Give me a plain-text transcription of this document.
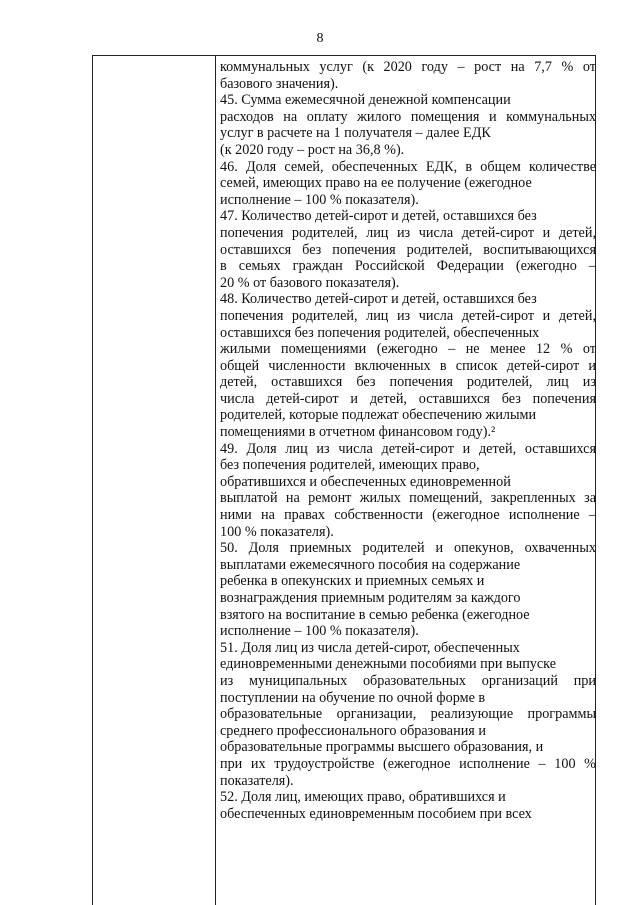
8
коммунальных услуг (к 2020 году – рост на 7,7 % от
базового значения).
45. Сумма ежемесячной денежной компенсации
расходов на оплату жилого помещения и коммунальных
услуг в расчете на 1 получателя – далее ЕДК
(к 2020 году – рост на 36,8 %).
46. Доля семей, обеспеченных ЕДК, в общем количестве
семей, имеющих право на ее получение (ежегодное
исполнение – 100 % показателя).
47. Количество детей-сирот и детей, оставшихся без
попечения родителей, лиц из числа детей-сирот и детей,
оставшихся без попечения родителей, воспитывающихся
в семьях граждан Российской Федерации (ежегодно –
20 % от базового показателя).
48. Количество детей-сирот и детей, оставшихся без
попечения родителей, лиц из числа детей-сирот и детей,
оставшихся без попечения родителей, обеспеченных
жилыми помещениями (ежегодно – не менее 12 % от
общей численности включенных в список детей-сирот и
детей, оставшихся без попечения родителей, лиц из
числа детей-сирот и детей, оставшихся без попечения
родителей, которые подлежат обеспечению жилыми
помещениями в отчетном финансовом году).²
49. Доля лиц из числа детей-сирот и детей, оставшихся
без попечения родителей, имеющих право,
обратившихся и обеспеченных единовременной
выплатой на ремонт жилых помещений, закрепленных за
ними на правах собственности (ежегодное исполнение –
100 % показателя).
50. Доля приемных родителей и опекунов, охваченных
выплатами ежемесячного пособия на содержание
ребенка в опекунских и приемных семьях и
вознаграждения приемным родителям за каждого
взятого на воспитание в семью ребенка (ежегодное
исполнение – 100 % показателя).
51. Доля лиц из числа детей-сирот, обеспеченных
единовременными денежными пособиями при выпуске
из муниципальных образовательных организаций при
поступлении на обучение по очной форме в
образовательные организации, реализующие программы
среднего профессионального образования и
образовательные программы высшего образования, и
при их трудоустройстве (ежегодное исполнение – 100 %
показателя).
52. Доля лиц, имеющих право, обратившихся и
обеспеченных единовременным пособием при всех
